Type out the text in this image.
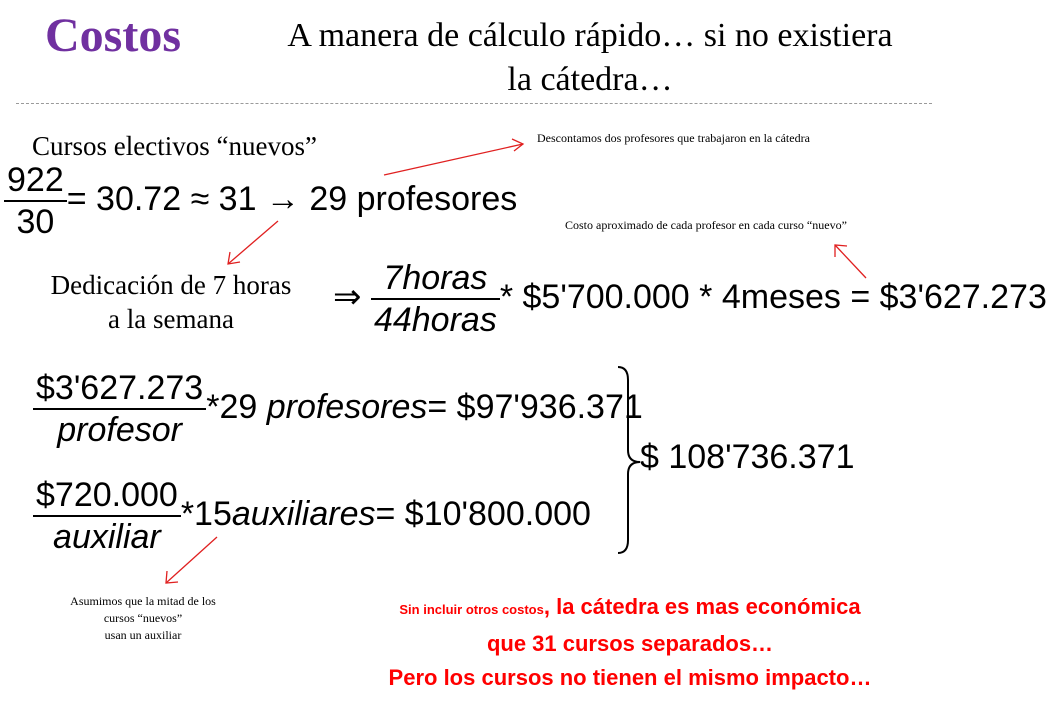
Costos	A manera de cálculo rápido… si no existiera la cátedra…
Descontamos dos profesores que trabajaron en la cátedra
Costo aproximado de cada profesor en cada curso “nuevo”
Asumimos que la mitad de los
cursos “nuevos”
usan un auxiliar
Cursos electivos “nuevos”
Dedicación de 7 horas
a la semana
$\frac{922}{30} = 30.72 \approx 31 \to 29$ profesores
⇒ $\frac{\text{7horas}}{\text{44horas}}$ * $5'700.000 * 4meses = $3'627.273
$\frac{\$3'627.273}{\text{profesor}} *29$ profesores= $97'936.371
$\frac{\$720.000}{\text{auxiliar}}$ *15auxiliares= $10'800.000
$ 108'736.371
Sin incluir otros costos, la cátedra es mas económica
que 31 cursos separados…
Pero los cursos no tienen el mismo impacto…
